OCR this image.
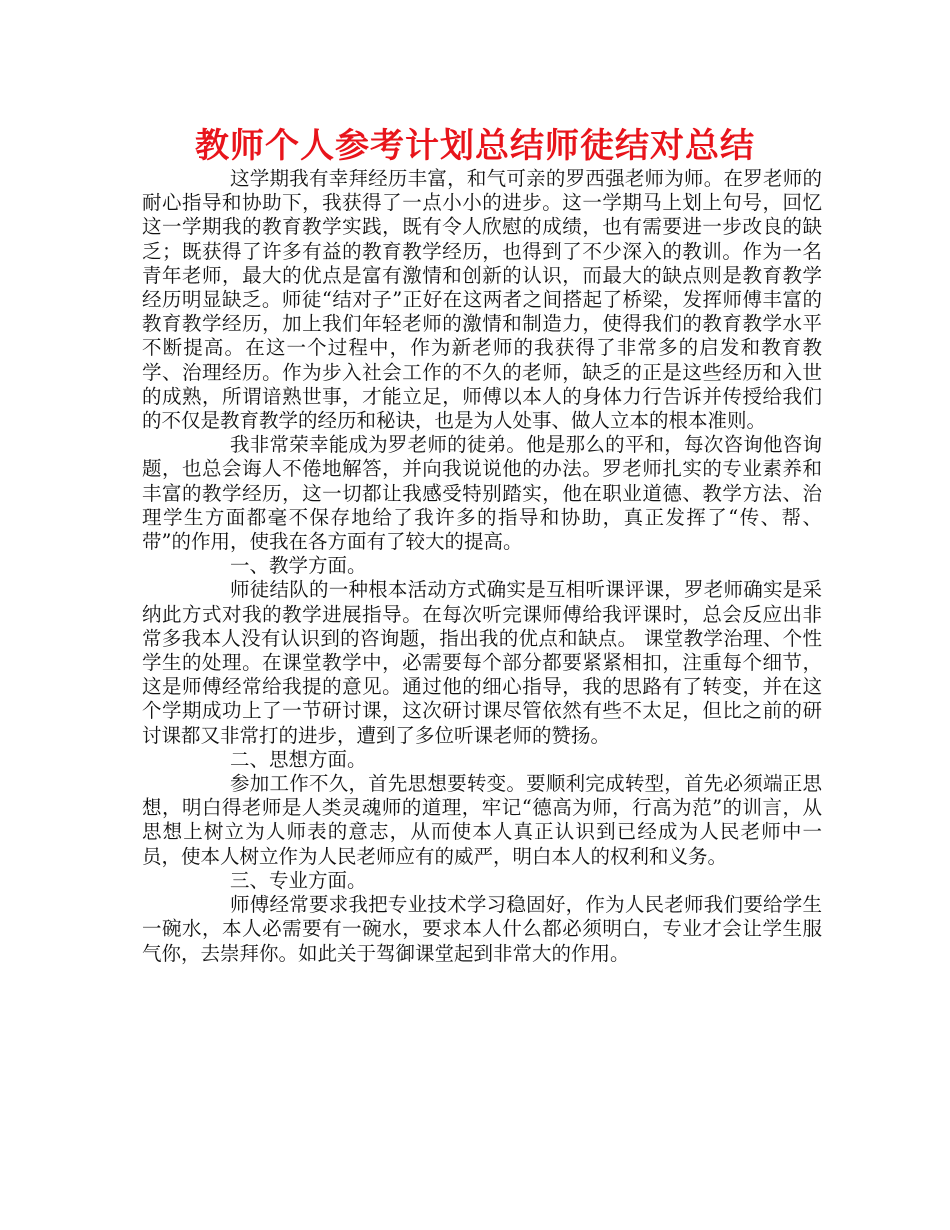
教师个人参考计划总结师徒结对总结

这学期我有幸拜经历丰富，和气可亲的罗西强老师为师。在罗老师的耐心指导和协助下，我获得了一点小小的进步。这一学期马上划上句号，回忆这一学期我的教育教学实践，既有令人欣慰的成绩，也有需要进一步改良的缺乏；既获得了许多有益的教育教学经历，也得到了不少深入的教训。作为一名青年老师，最大的优点是富有激情和创新的认识，而最大的缺点则是教育教学经历明显缺乏。师徒“结对子”正好在这两者之间搭起了桥梁，发挥师傅丰富的教育教学经历，加上我们年轻老师的激情和制造力，使得我们的教育教学水平不断提高。在这一个过程中，作为新老师的我获得了非常多的启发和教育教学、治理经历。作为步入社会工作的不久的老师，缺乏的正是这些经历和入世的成熟，所谓谙熟世事，才能立足，师傅以本人的身体力行告诉并传授给我们的不仅是教育教学的经历和秘诀，也是为人处事、做人立本的根本准则。

我非常荣幸能成为罗老师的徒弟。他是那么的平和，每次咨询他咨询题，也总会诲人不倦地解答，并向我说说他的办法。罗老师扎实的专业素养和丰富的教学经历，这一切都让我感受特别踏实，他在职业道德、教学方法、治理学生方面都毫不保存地给了我许多的指导和协助，真正发挥了“传、帮、带”的作用，使我在各方面有了较大的提高。

一、教学方面。

师徒结队的一种根本活动方式确实是互相听课评课，罗老师确实是采纳此方式对我的教学进展指导。在每次听完课师傅给我评课时，总会反应出非常多我本人没有认识到的咨询题，指出我的优点和缺点。 课堂教学治理、个性学生的处理。在课堂教学中，必需要每个部分都要紧紧相扣，注重每个细节，这是师傅经常给我提的意见。通过他的细心指导，我的思路有了转变，并在这个学期成功上了一节研讨课，这次研讨课尽管依然有些不太足，但比之前的研讨课都又非常打的进步，遭到了多位听课老师的赞扬。

二、思想方面。

参加工作不久，首先思想要转变。要顺利完成转型，首先必须端正思想，明白得老师是人类灵魂师的道理，牢记“德高为师，行高为范”的训言，从思想上树立为人师表的意志，从而使本人真正认识到已经成为人民老师中一员，使本人树立作为人民老师应有的威严，明白本人的权利和义务。

三、专业方面。

师傅经常要求我把专业技术学习稳固好，作为人民老师我们要给学生一碗水，本人必需要有一碗水，要求本人什么都必须明白，专业才会让学生服气你，去崇拜你。如此关于驾御课堂起到非常大的作用。
